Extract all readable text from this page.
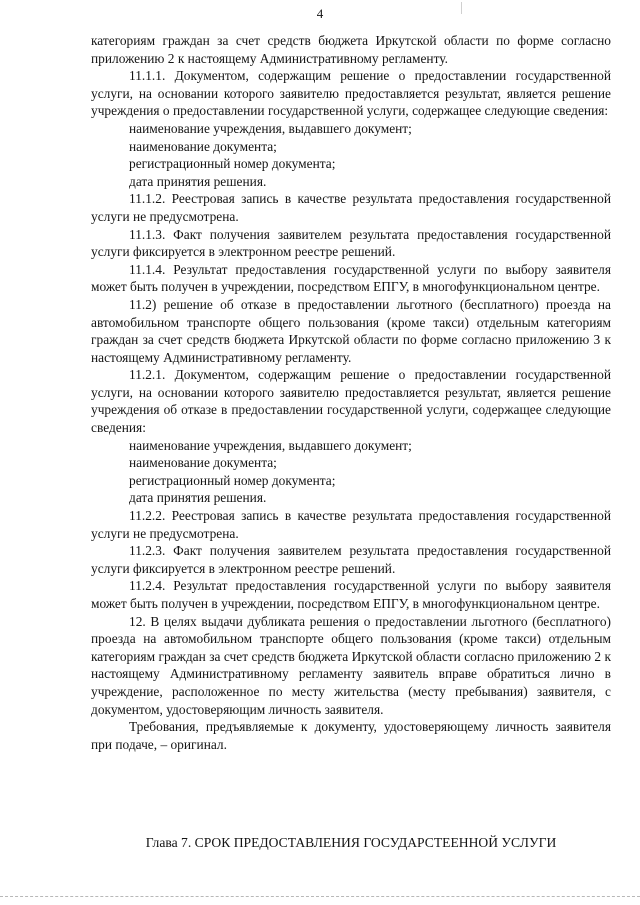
4

категориям граждан за счет средств бюджета Иркутской области по форме согласно приложению 2 к настоящему Административному регламенту.

11.1.1. Документом, содержащим решение о предоставлении государственной услуги, на основании которого заявителю предоставляется результат, является решение учреждения о предоставлении государственной услуги, содержащее следующие сведения:

наименование учреждения, выдавшего документ;

наименование документа;

регистрационный номер документа;

дата принятия решения.

11.1.2. Реестровая запись в качестве результата предоставления государственной услуги не предусмотрена.

11.1.3. Факт получения заявителем результата предоставления государственной услуги фиксируется в электронном реестре решений.

11.1.4. Результат предоставления государственной услуги по выбору заявителя может быть получен в учреждении, посредством ЕПГУ, в многофункциональном центре.

11.2) решение об отказе в предоставлении льготного (бесплатного) проезда на автомобильном транспорте общего пользования (кроме такси) отдельным категориям граждан за счет средств бюджета Иркутской области по форме согласно приложению 3 к настоящему Административному регламенту.

11.2.1. Документом, содержащим решение о предоставлении государственной услуги, на основании которого заявителю предоставляется результат, является решение учреждения об отказе в предоставлении государственной услуги, содержащее следующие сведения:

наименование учреждения, выдавшего документ;

наименование документа;

регистрационный номер документа;

дата принятия решения.

11.2.2. Реестровая запись в качестве результата предоставления государственной услуги не предусмотрена.

11.2.3. Факт получения заявителем результата предоставления государственной услуги фиксируется в электронном реестре решений.

11.2.4. Результат предоставления государственной услуги по выбору заявителя может быть получен в учреждении, посредством ЕПГУ, в многофункциональном центре.

12. В целях выдачи дубликата решения о предоставлении льготного (бесплатного) проезда на автомобильном транспорте общего пользования (кроме такси) отдельным категориям граждан за счет средств бюджета Иркутской области согласно приложению 2 к настоящему Административному регламенту заявитель вправе обратиться лично в учреждение, расположенное по месту жительства (месту пребывания) заявителя, с документом, удостоверяющим личность заявителя.

Требования, предъявляемые к документу, удостоверяющему личность заявителя при подаче, – оригинал.

Глава 7. СРОК ПРЕДОСТАВЛЕНИЯ ГОСУДАРСТЕЕННОЙ УСЛУГИ
